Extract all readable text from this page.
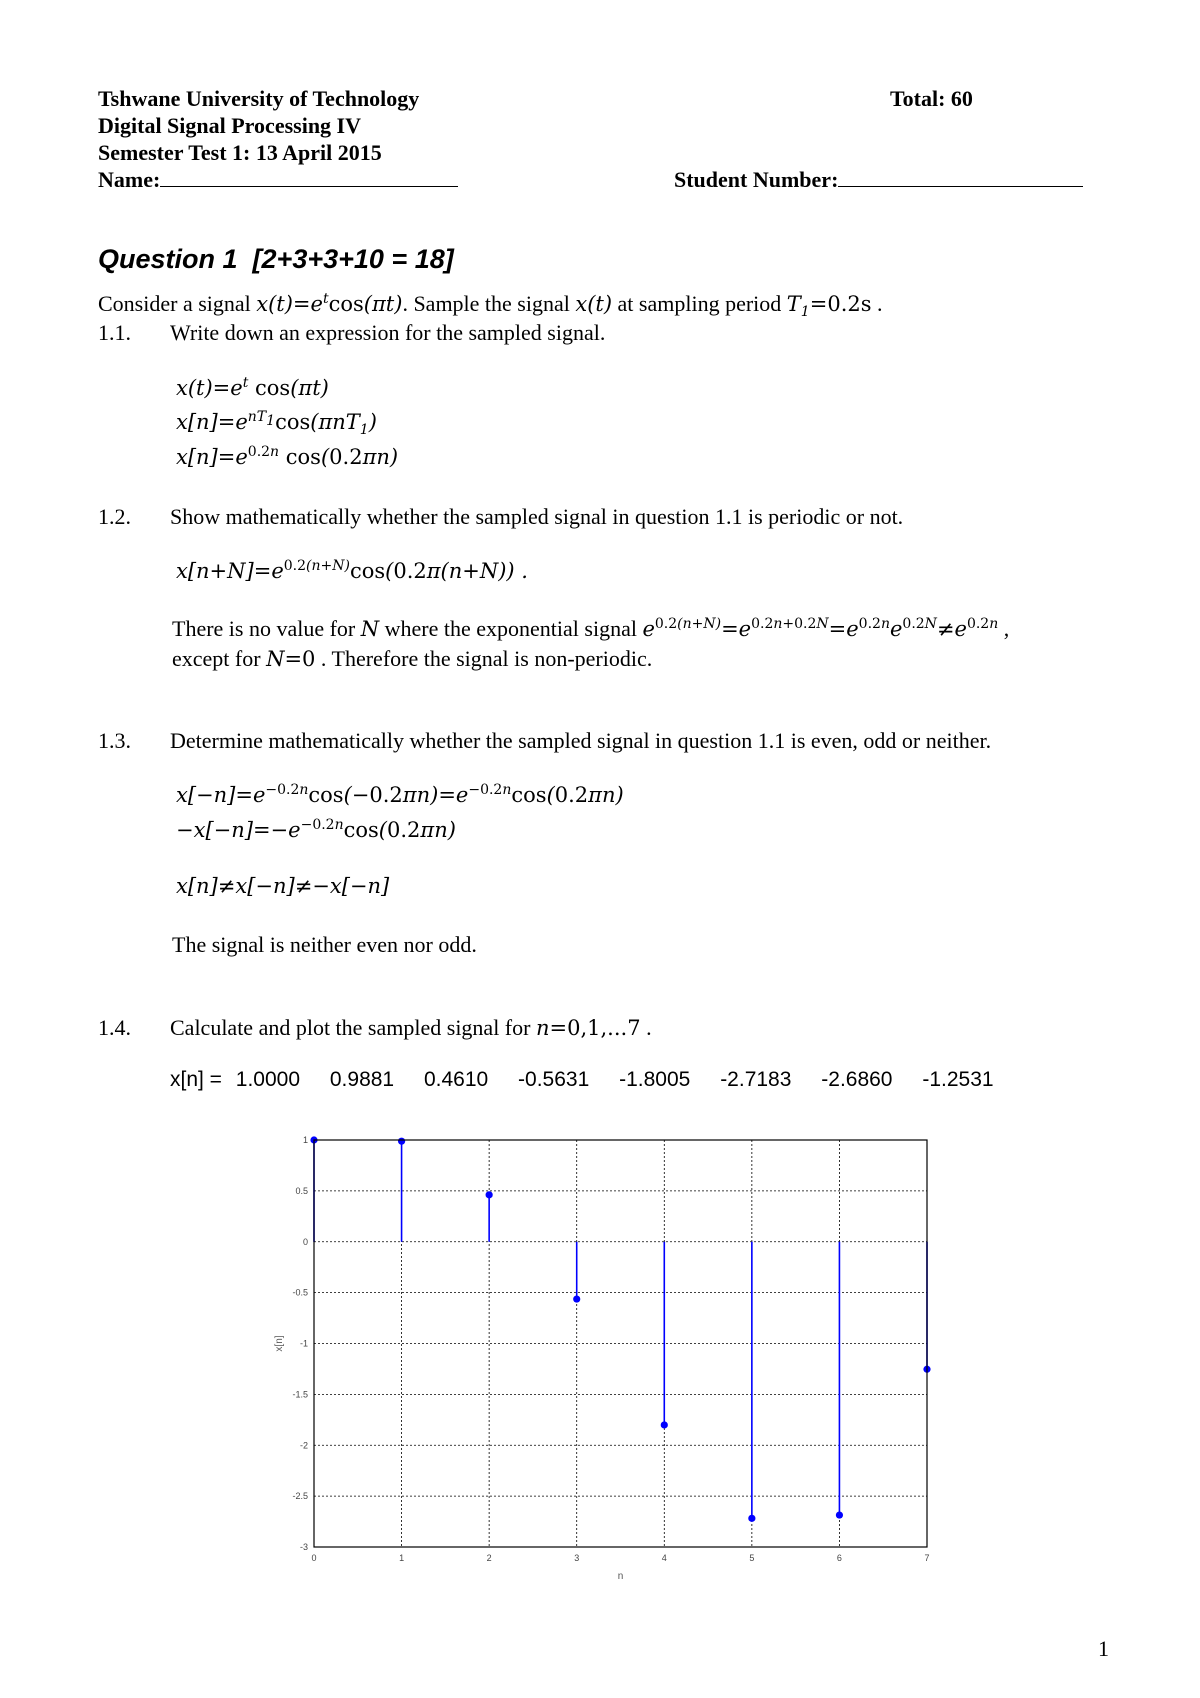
Tshwane University of Technology	Total: 60
Digital Signal Processing IV
Semester Test 1: 13 April 2015
Name:	Student Number:
Question 1 [2+3+3+10 = 18]
Consider a signal $x(t)=e^t\cos(\pi t)$. Sample the signal x(t) at sampling period $T_1=0.2s$ .
1.1. Write down an expression for the sampled signal.
$x(t)=e^t$ cos(πt)
$x[n]=e^{nT_1}\cos(\pi nT_1)$
$x[n]=e^{0.2n}$ cos(0.2πn)
1.2. Show mathematically whether the sampled signal in question 1.1 is periodic or not.
$x[n+N]=e^{0.2(n+N)}\cos(0.2\pi(n+N))$ .
There is no value for N where the exponential signal $e^{0.2(n+N)}=e^{0.2n+0.2N}=e^{0.2n}e^{0.2N}\ne e^{0.2n}$ ,
except for N=0 . Therefore the signal is non-periodic.
1.3. Determine mathematically whether the sampled signal in question 1.1 is even, odd or neither.
$x[-n]=e^{-0.2n}\cos(-0.2\pi n)=e^{-0.2n}\cos(0.2\pi n)$
$-x[-n]=-e^{-0.2n}\cos(0.2\pi n)$
x[n]≠x[−n]≠−x[−n]
The signal is neither even nor odd.
1.4. Calculate and plot the sampled signal for n=0,1,...7 .
x[n] = 1.0000 0.9881 0.4610 -0.5631 -1.8005 -2.7183 -2.6860 -1.2531
1
0.5
0
-0.5
-1
-1.5
-2
-2.5
-3
0	1	2	3	4	5	6	7
n
x[n]
1
